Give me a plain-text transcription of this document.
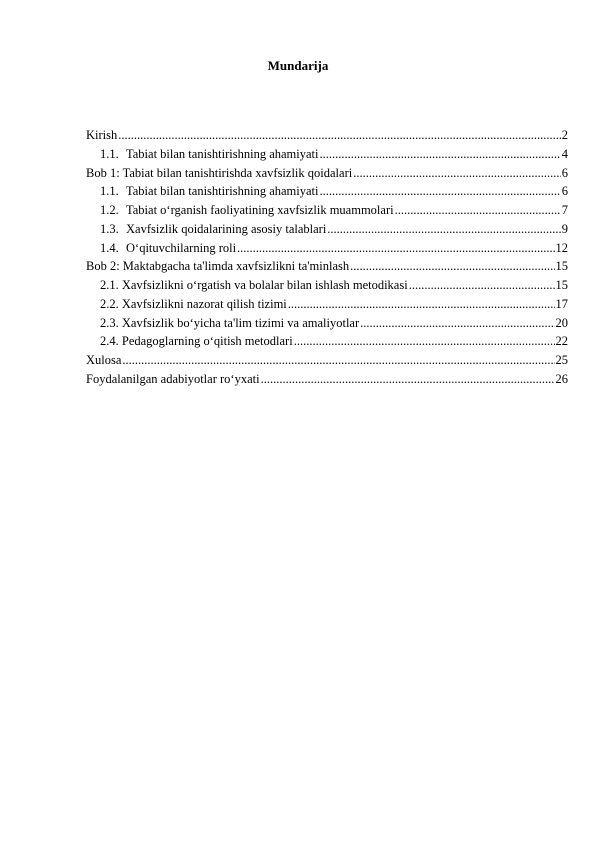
Mundarija
Kirish .....	2
1.1. Tabiat bilan tanishtirishning ahamiyati .....	4
Bob 1: Tabiat bilan tanishtirishda xavfsizlik qoidalari .....	6
1.1. Tabiat bilan tanishtirishning ahamiyati .....	6
1.2. Tabiat oʻrganish faoliyatining xavfsizlik muammolari .....	7
1.3. Xavfsizlik qoidalarining asosiy talablari .....	9
1.4. Oʻqituvchilarning roli .....	12
Bob 2: Maktabgacha ta'limda xavfsizlikni ta'minlash .....	15
2.1. Xavfsizlikni oʻrgatish va bolalar bilan ishlash metodikasi .....	15
2.2. Xavfsizlikni nazorat qilish tizimi .....	17
2.3. Xavfsizlik boʻyicha ta'lim tizimi va amaliyotlar .....	20
2.4. Pedagoglarning oʻqitish metodlari .....	22
Xulosa .....	25
Foydalanilgan adabiyotlar roʻyxati .....	26
